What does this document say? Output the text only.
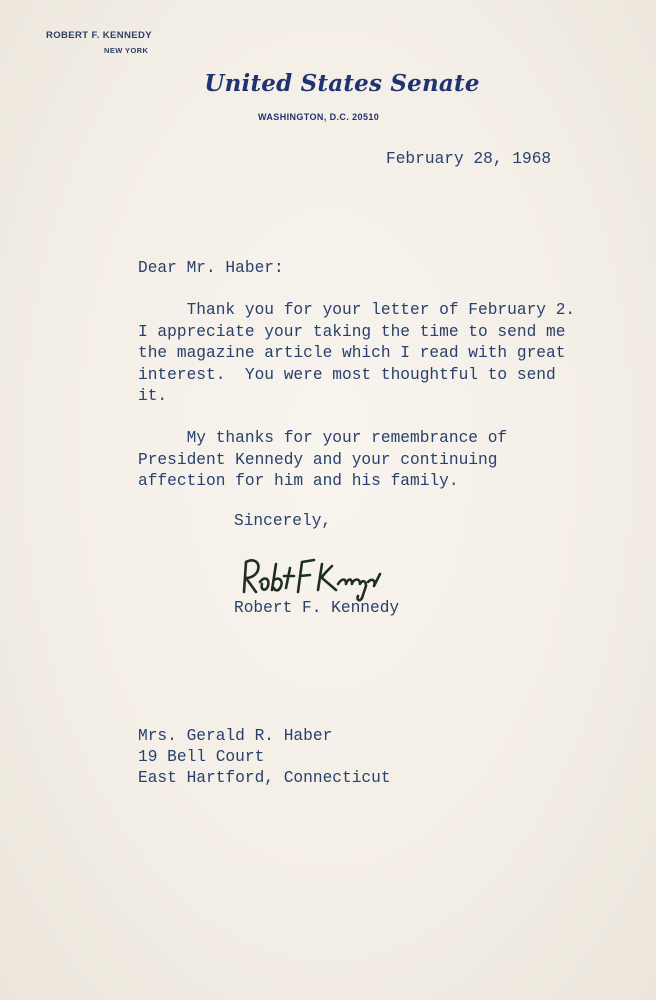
ROBERT F. KENNEDY
NEW YORK
United States Senate
WASHINGTON, D.C. 20510
February 28, 1968
Dear Mr. Haber:
Thank you for your letter of February 2.
I appreciate your taking the time to send me
the magazine article which I read with great
interest.  You were most thoughtful to send
it.
My thanks for your remembrance of
President Kennedy and your continuing
affection for him and his family.
Sincerely,
Robert F. Kennedy
Mrs. Gerald R. Haber
19 Bell Court
East Hartford, Connecticut
